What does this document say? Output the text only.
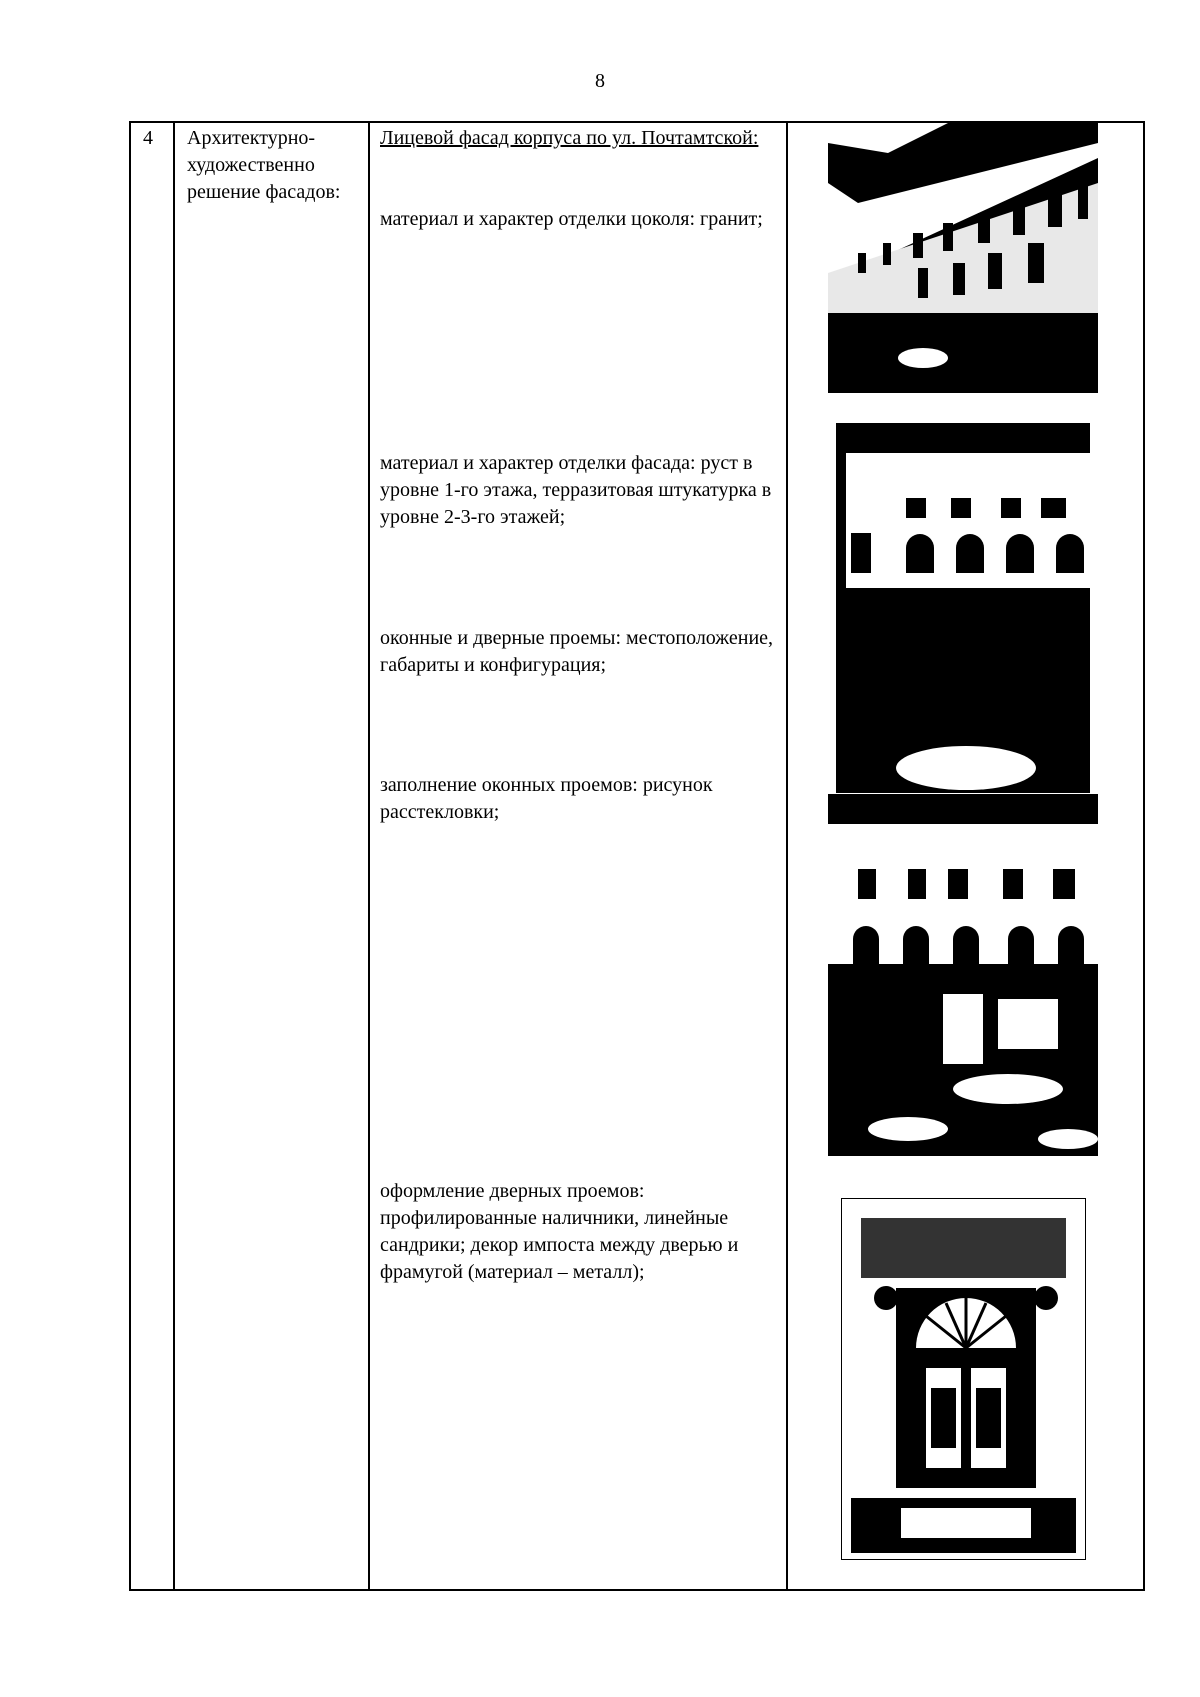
8
4 Архитектурно-художественно решение фасадов:

Лицевой фасад корпуса по ул. Почтамтской:

материал и характер отделки цоколя: гранит;

материал и характер отделки фасада: руст в уровне 1-го этажа, терразитовая штукатурка в уровне 2-3-го этажей;

оконные и дверные проемы: местоположение, габариты и конфигурация;

заполнение оконных проемов: рисунок расстекловки;

оформление дверных проемов: профилированные наличники, линейные сандрики; декор импоста между дверью и фрамугой (материал – металл);
